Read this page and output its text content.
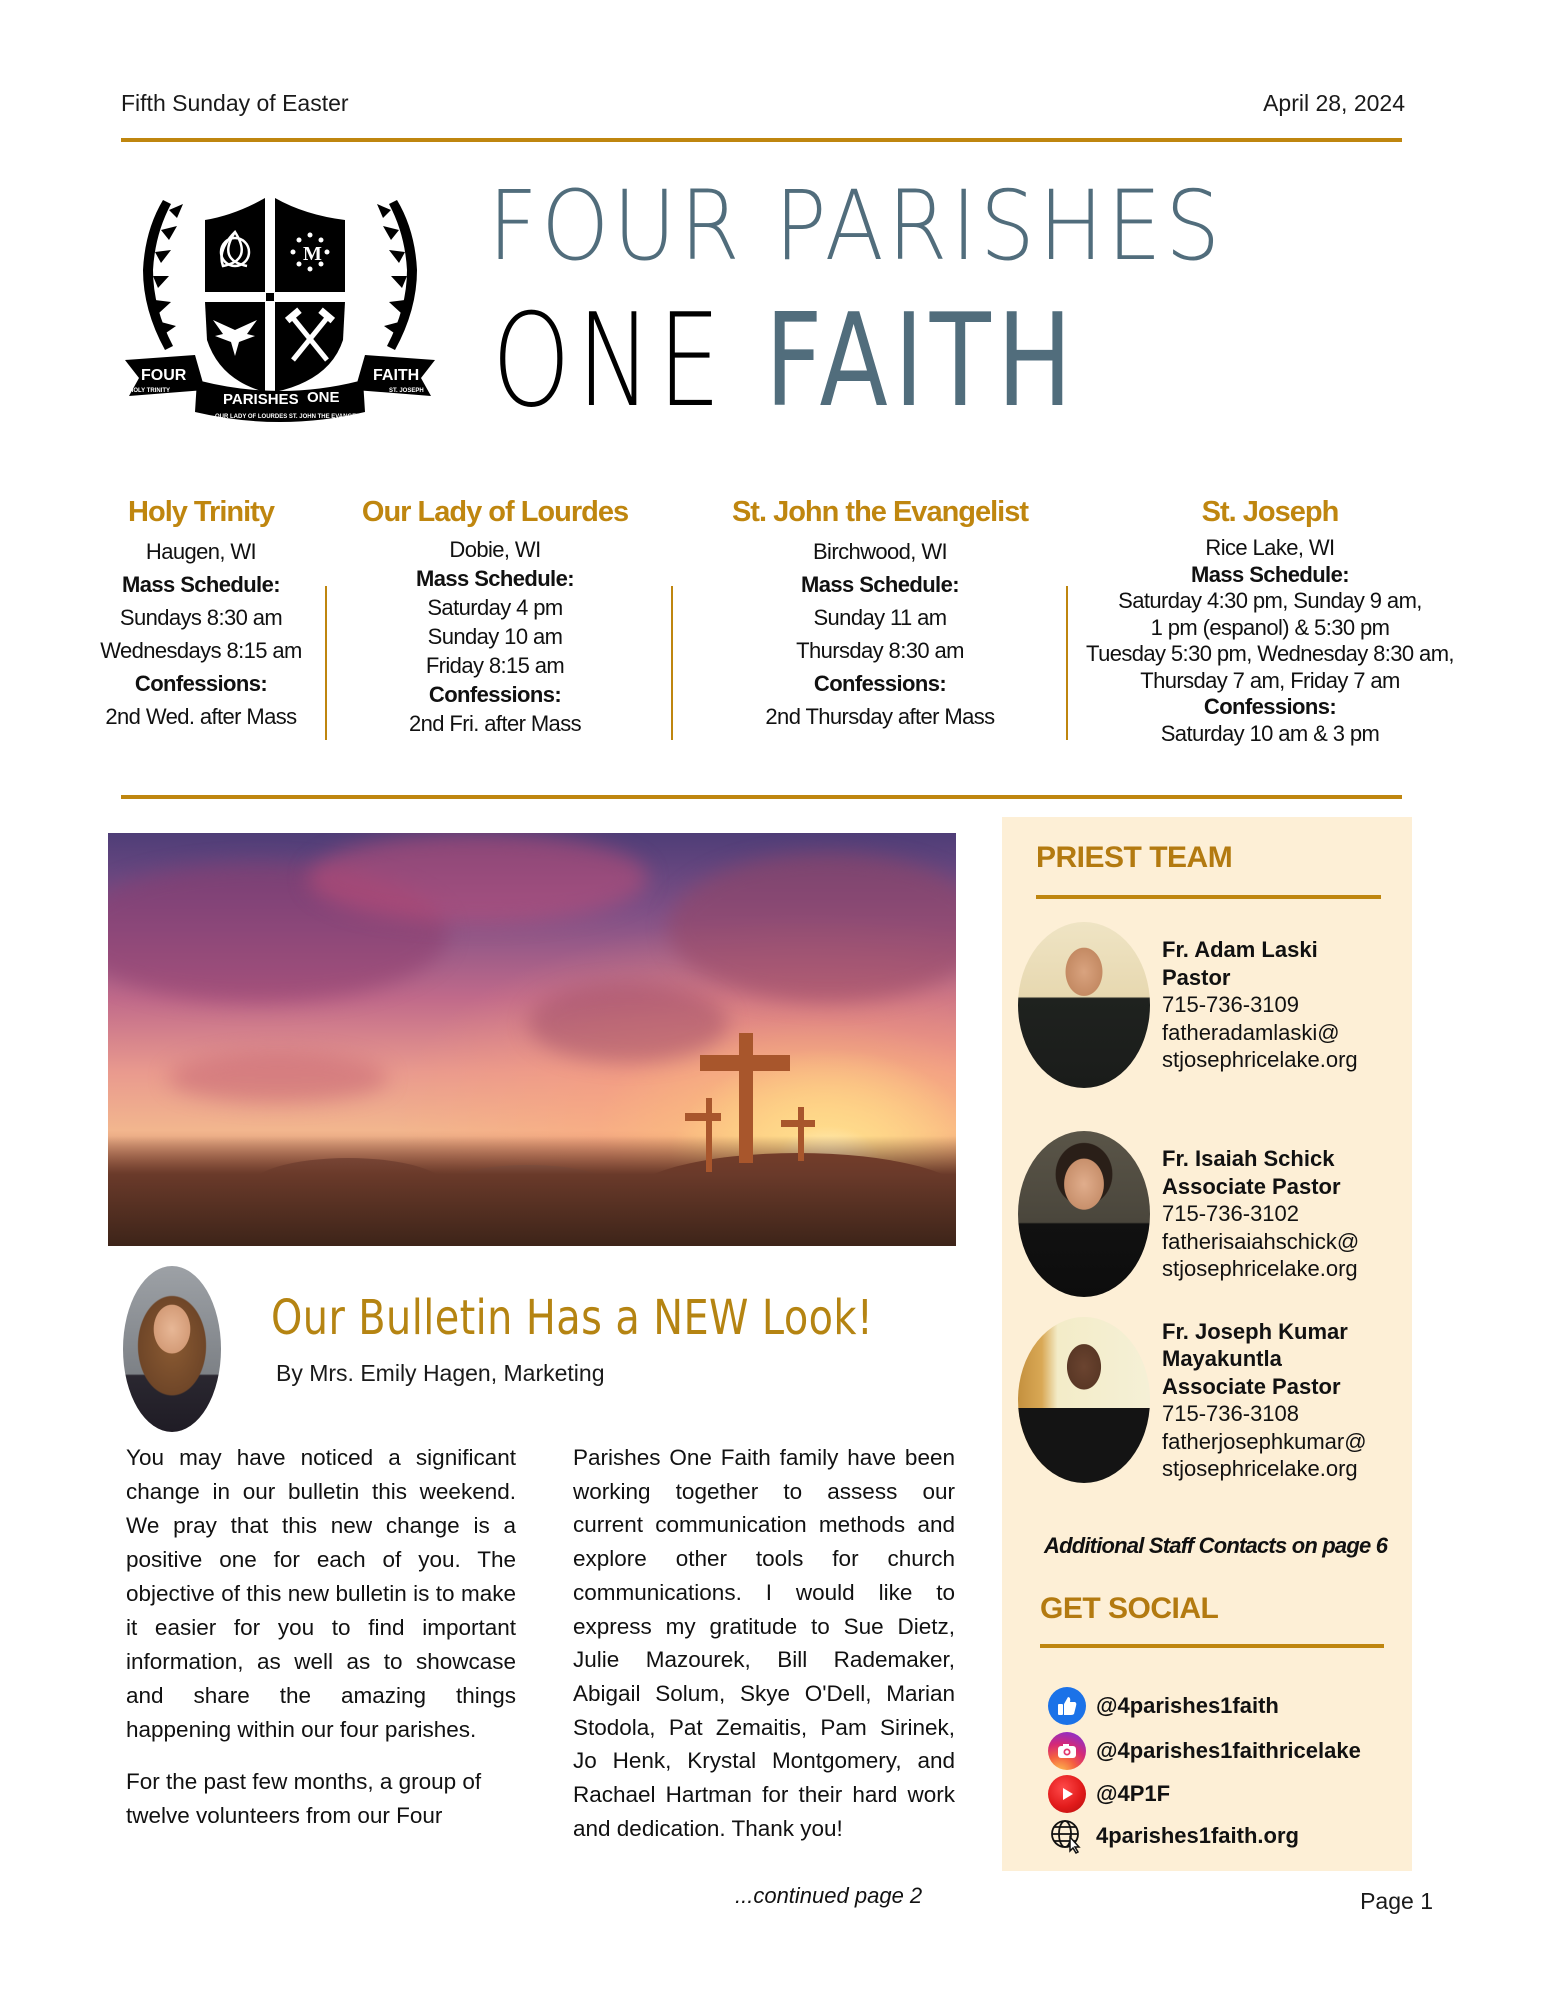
Fifth Sunday of Easter	April 28, 2024
M
FOUR
HOLY TRINITY
FAITH
ST. JOSEPH
PARISHES ONE
OUR LADY OF LOURDES ST. JOHN THE EVANGELIST
FOUR PARISHES
ONE FAITH
Holy Trinity
Haugen, WI
Mass Schedule:
Sundays 8:30 am
Wednesdays 8:15 am
Confessions:
2nd Wed. after Mass
Our Lady of Lourdes
Dobie, WI
Mass Schedule:
Saturday 4 pm
Sunday 10 am
Friday 8:15 am
Confessions:
2nd Fri. after Mass
St. John the Evangelist
Birchwood, WI
Mass Schedule:
Sunday 11 am
Thursday 8:30 am
Confessions:
2nd Thursday after Mass
St. Joseph
Rice Lake, WI
Mass Schedule:
Saturday 4:30 pm, Sunday 9 am,
1 pm (espanol) & 5:30 pm
Tuesday 5:30 pm, Wednesday 8:30 am,
Thursday 7 am, Friday 7 am
Confessions:
Saturday 10 am & 3 pm
Our Bulletin Has a NEW Look!
By Mrs. Emily Hagen, Marketing

You may have noticed a significant change in our bulletin this weekend. We pray that this new change is a positive one for each of you. The objective of this new bulletin is to make it easier for you to find important information, as well as to showcase and share the amazing things happening within our four parishes.

For the past few months, a group of twelve volunteers from our Four

Parishes One Faith family have been working together to assess our current communication methods and explore other tools for church communications. I would like to express my gratitude to Sue Dietz, Julie Mazourek, Bill Rademaker, Abigail Solum, Skye O'Dell, Marian Stodola, Pat Zemaitis, Pam Sirinek, Jo Henk, Krystal Montgomery, and Rachael Hartman for their hard work and dedication. Thank you!

...continued page 2
PRIEST TEAM
Fr. Adam Laski
Pastor
715-736-3109
fatheradamlaski@
stjosephricelake.org
Fr. Isaiah Schick
Associate Pastor
715-736-3102
fatherisaiahschick@
stjosephricelake.org
Fr. Joseph Kumar
Mayakuntla
Associate Pastor
715-736-3108
fatherjosephkumar@
stjosephricelake.org
Additional Staff Contacts on page 6
GET SOCIAL
@4parishes1faith
@4parishes1faithricelake
@4P1F
4parishes1faith.org
Page 1
